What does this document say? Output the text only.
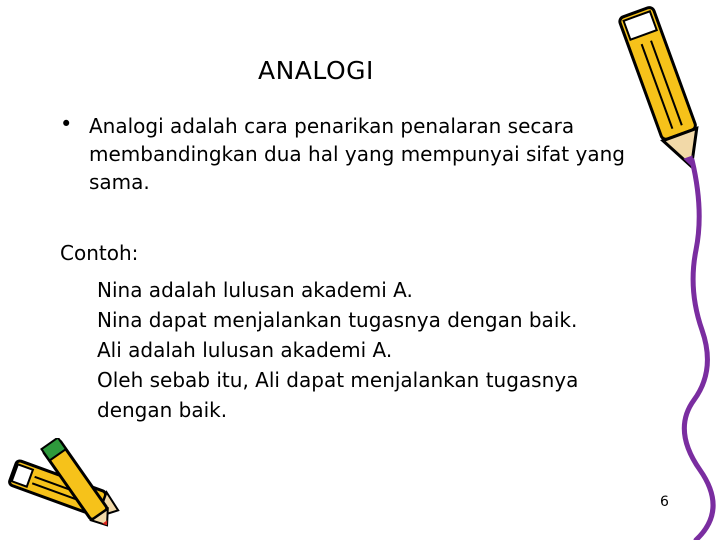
ANALOGI
• Analogi adalah cara penarikan penalaran secara membandingkan dua hal yang mempunyai sifat yang sama.
Contoh:
Nina adalah lulusan akademi A.
Nina dapat menjalankan tugasnya dengan baik.
Ali adalah lulusan akademi A.
Oleh sebab itu, Ali dapat menjalankan tugasnya
dengan baik.
6
